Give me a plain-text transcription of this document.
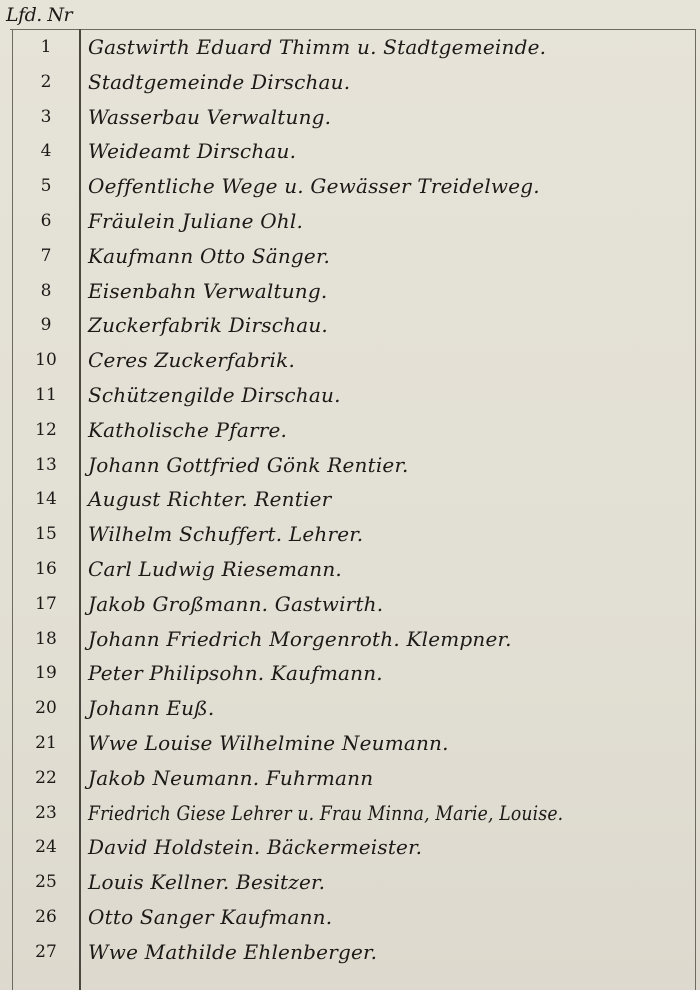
Lfd. Nr
1	Gastwirth Eduard Thimm u. Stadtgemeinde.
2	Stadtgemeinde Dirschau.
3	Wasserbau Verwaltung.
4	Weideamt Dirschau.
5	Oeffentliche Wege u. Gewässer Treidelweg.
6	Fräulein Juliane Ohl.
7	Kaufmann Otto Sänger.
8	Eisenbahn Verwaltung.
9	Zuckerfabrik Dirschau.
10	Ceres Zuckerfabrik.
11	Schützengilde Dirschau.
12	Katholische Pfarre.
13	Johann Gottfried Gönk Rentier.
14	August Richter. Rentier
15	Wilhelm Schuffert. Lehrer.
16	Carl Ludwig Riesemann.
17	Jakob Großmann. Gastwirth.
18	Johann Friedrich Morgenroth. Klempner.
19	Peter Philipsohn. Kaufmann.
20	Johann Euß.
21	Wwe Louise Wilhelmine Neumann.
22	Jakob Neumann. Fuhrmann
23	Friedrich Giese Lehrer u. Frau Minna, Marie, Louise.
24	David Holdstein. Bäckermeister.
25	Louis Kellner. Besitzer.
26	Otto Sanger Kaufmann.
27	Wwe Mathilde Ehlenberger.
